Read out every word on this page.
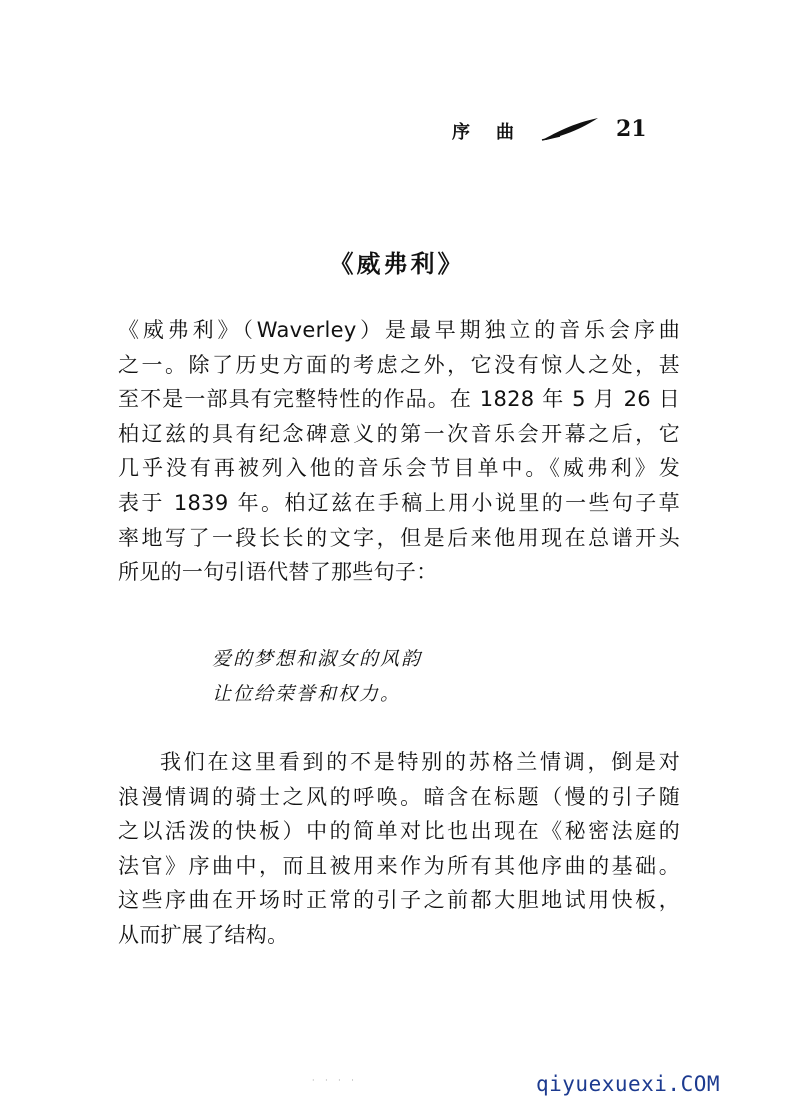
序曲	21
《威弗利》
《威弗利》（Waverley）是最早期独立的音乐会序曲
之一。除了历史方面的考虑之外，它没有惊人之处，甚
至不是一部具有完整特性的作品。在 1828 年 5 月 26 日
柏辽兹的具有纪念碑意义的第一次音乐会开幕之后，它
几乎没有再被列入他的音乐会节目单中。《威弗利》发
表于 1839 年。柏辽兹在手稿上用小说里的一些句子草
率地写了一段长长的文字，但是后来他用现在总谱开头
所见的一句引语代替了那些句子：
爱的梦想和淑女的风韵
让位给荣誉和权力。
我们在这里看到的不是特别的苏格兰情调，倒是对
浪漫情调的骑士之风的呼唤。暗含在标题（慢的引子随
之以活泼的快板）中的简单对比也出现在《秘密法庭的
法官》序曲中，而且被用来作为所有其他序曲的基础。
这些序曲在开场时正常的引子之前都大胆地试用快板，
从而扩展了结构。
· · · ·	qiyuexuexi.COM
